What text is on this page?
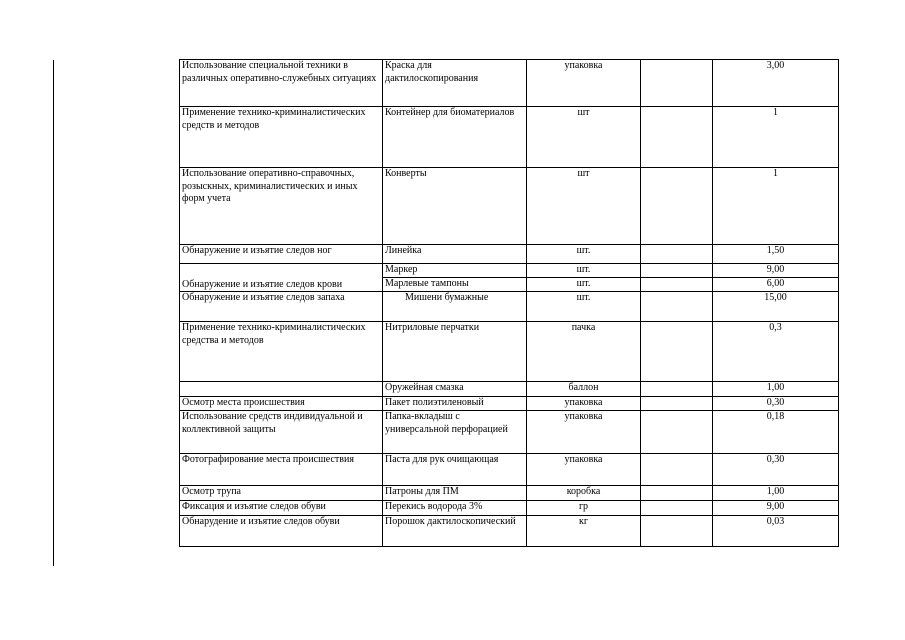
Использование специальной техники в различных оперативно-служебных ситуациях	Краска для дактилоскопирования	упаковка		3,00
Применение технико-криминалистических средств и методов	Контейнер для биоматериалов	шт		1
Использование оперативно-справочных, розыскных, криминалистических и иных форм учета	Конверты	шт		1
Обнаружение и изъятие следов ног	Линейка	шт.		1,50
Обнаружение и изъятие следов крови	Маркер	шт.		9,00
	Марлевые тампоны	шт.		6,00
Обнаружение и изъятие следов запаха	Мишени бумажные	шт.		15,00
Применение технико-криминалистических средства и методов	Нитриловые перчатки	пачка		0,3
	Оружейная смазка	баллон		1,00
Осмотр места происшествия	Пакет полиэтиленовый	упаковка		0,30
Использование средств индивидуальной и коллективной защиты	Папка-вкладыш с универсальной перфорацией	упаковка		0,18
Фотографирование места происшествия	Паста для рук очищающая	упаковка		0,30
Осмотр трупа	Патроны для ПМ	коробка		1,00
Фиксация и изъятие следов обуви	Перекись водорода 3%	гр		9,00
Обнарудение и изъятие следов обуви	Порошок дактилоскопический	кг		0,03
